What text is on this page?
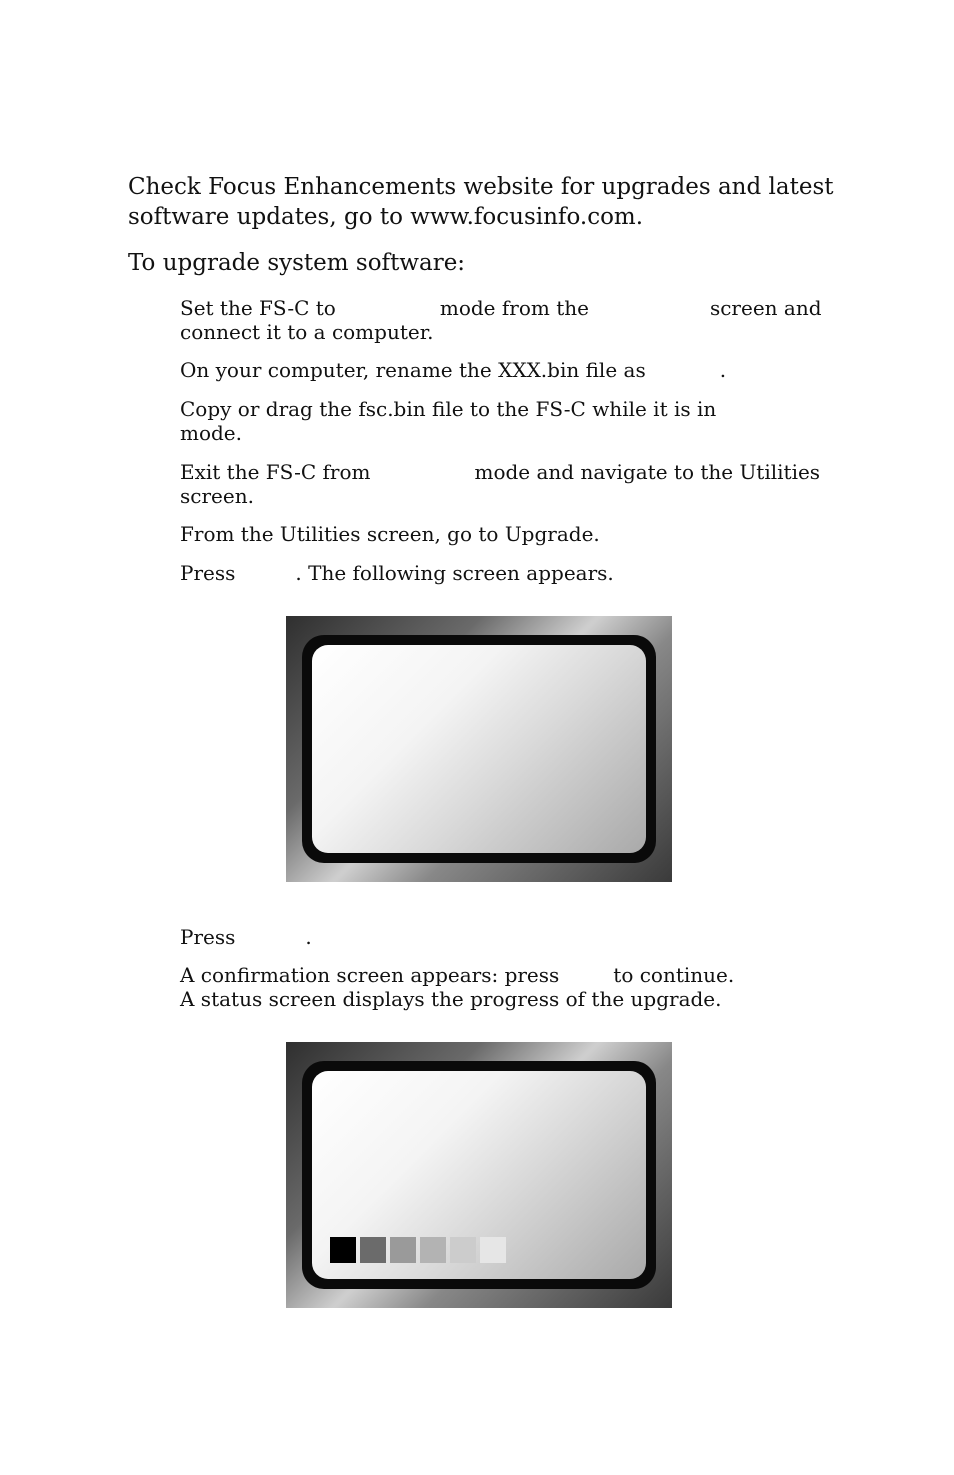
Check Focus Enhancements website for upgrades and latest
software updates, go to www.focusinfo.com.

To upgrade system software:

Set the FS-C to	mode from the	screen and
connect it to a computer.

On your computer, rename the XXX.bin file as	.

Copy or drag the fsc.bin file to the FS-C while it is in
mode.

Exit the FS-C from	mode and navigate to the Utilities
screen.

From the Utilities screen, go to Upgrade.

Press	. The following screen appears.

Press	.

A confirmation screen appears: press	to continue.
A status screen displays the progress of the upgrade.
